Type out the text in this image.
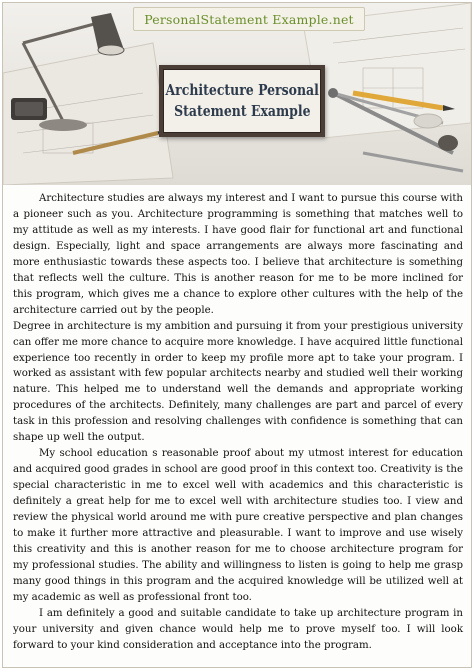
PersonalStatement Example.net
Architecture Personal
Statement Example

Architecture studies are always my interest and I want to pursue this course with a pioneer such as you. Architecture programming is something that matches well to my attitude as well as my interests. I have good flair for functional art and functional design. Especially, light and space arrangements are always more fascinating and more enthusiastic towards these aspects too. I believe that architecture is something that reflects well the culture. This is another reason for me to be more inclined for this program, which gives me a chance to explore other cultures with the help of the architecture carried out by the people.

Degree in architecture is my ambition and pursuing it from your prestigious university can offer me more chance to acquire more knowledge. I have acquired little functional experience too recently in order to keep my profile more apt to take your program. I worked as assistant with few popular architects nearby and studied well their working nature. This helped me to understand well the demands and appropriate working procedures of the architects. Definitely, many challenges are part and parcel of every task in this profession and resolving challenges with confidence is something that can shape up well the output.

My school education s reasonable proof about my utmost interest for education and acquired good grades in school are good proof in this context too. Creativity is the special characteristic in me to excel well with academics and this characteristic is definitely a great help for me to excel well with architecture studies too. I view and review the physical world around me with pure creative perspective and plan changes to make it further more attractive and pleasurable. I want to improve and use wisely this creativity and this is another reason for me to choose architecture program for my professional studies. The ability and willingness to listen is going to help me grasp many good things in this program and the acquired knowledge will be utilized well at my academic as well as professional front too.

I am definitely a good and suitable candidate to take up architecture program in your university and given chance would help me to prove myself too. I will look forward to your kind consideration and acceptance into the program.
